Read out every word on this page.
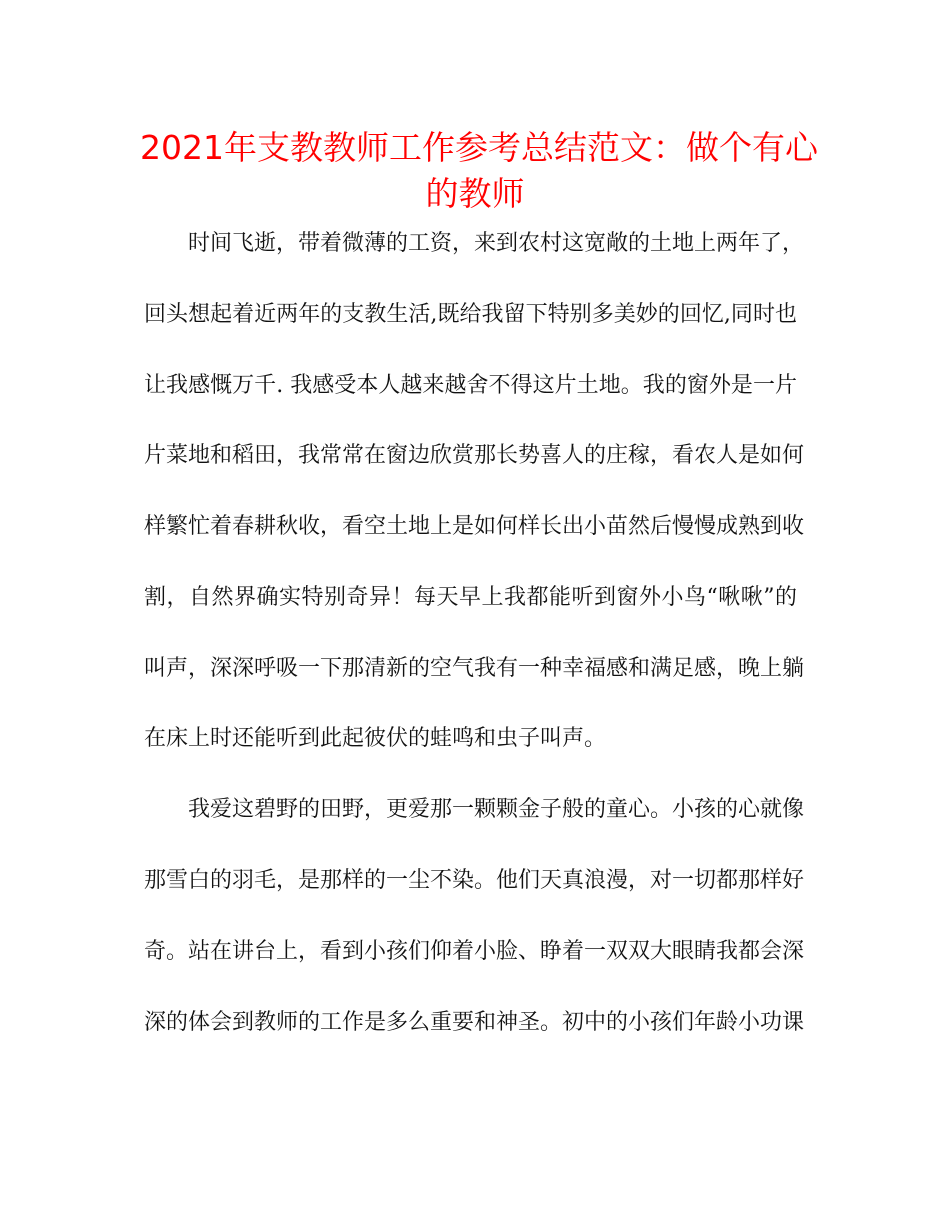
2021年支教教师工作参考总结范文：做个有心
的教师
时间飞逝，带着微薄的工资，来到农村这宽敞的土地上两年了，
回头想起着近两年的支教生活,既给我留下特别多美妙的回忆,同时也
让我感慨万千. 我感受本人越来越舍不得这片土地。我的窗外是一片
片菜地和稻田，我常常在窗边欣赏那长势喜人的庄稼，看农人是如何
样繁忙着春耕秋收，看空土地上是如何样长出小苗然后慢慢成熟到收
割，自然界确实特别奇异！每天早上我都能听到窗外小鸟“啾啾”的
叫声，深深呼吸一下那清新的空气我有一种幸福感和满足感，晚上躺
在床上时还能听到此起彼伏的蛙鸣和虫子叫声。
我爱这碧野的田野，更爱那一颗颗金子般的童心。小孩的心就像
那雪白的羽毛，是那样的一尘不染。他们天真浪漫，对一切都那样好
奇。站在讲台上，看到小孩们仰着小脸、睁着一双双大眼睛我都会深
深的体会到教师的工作是多么重要和神圣。初中的小孩们年龄小功课
